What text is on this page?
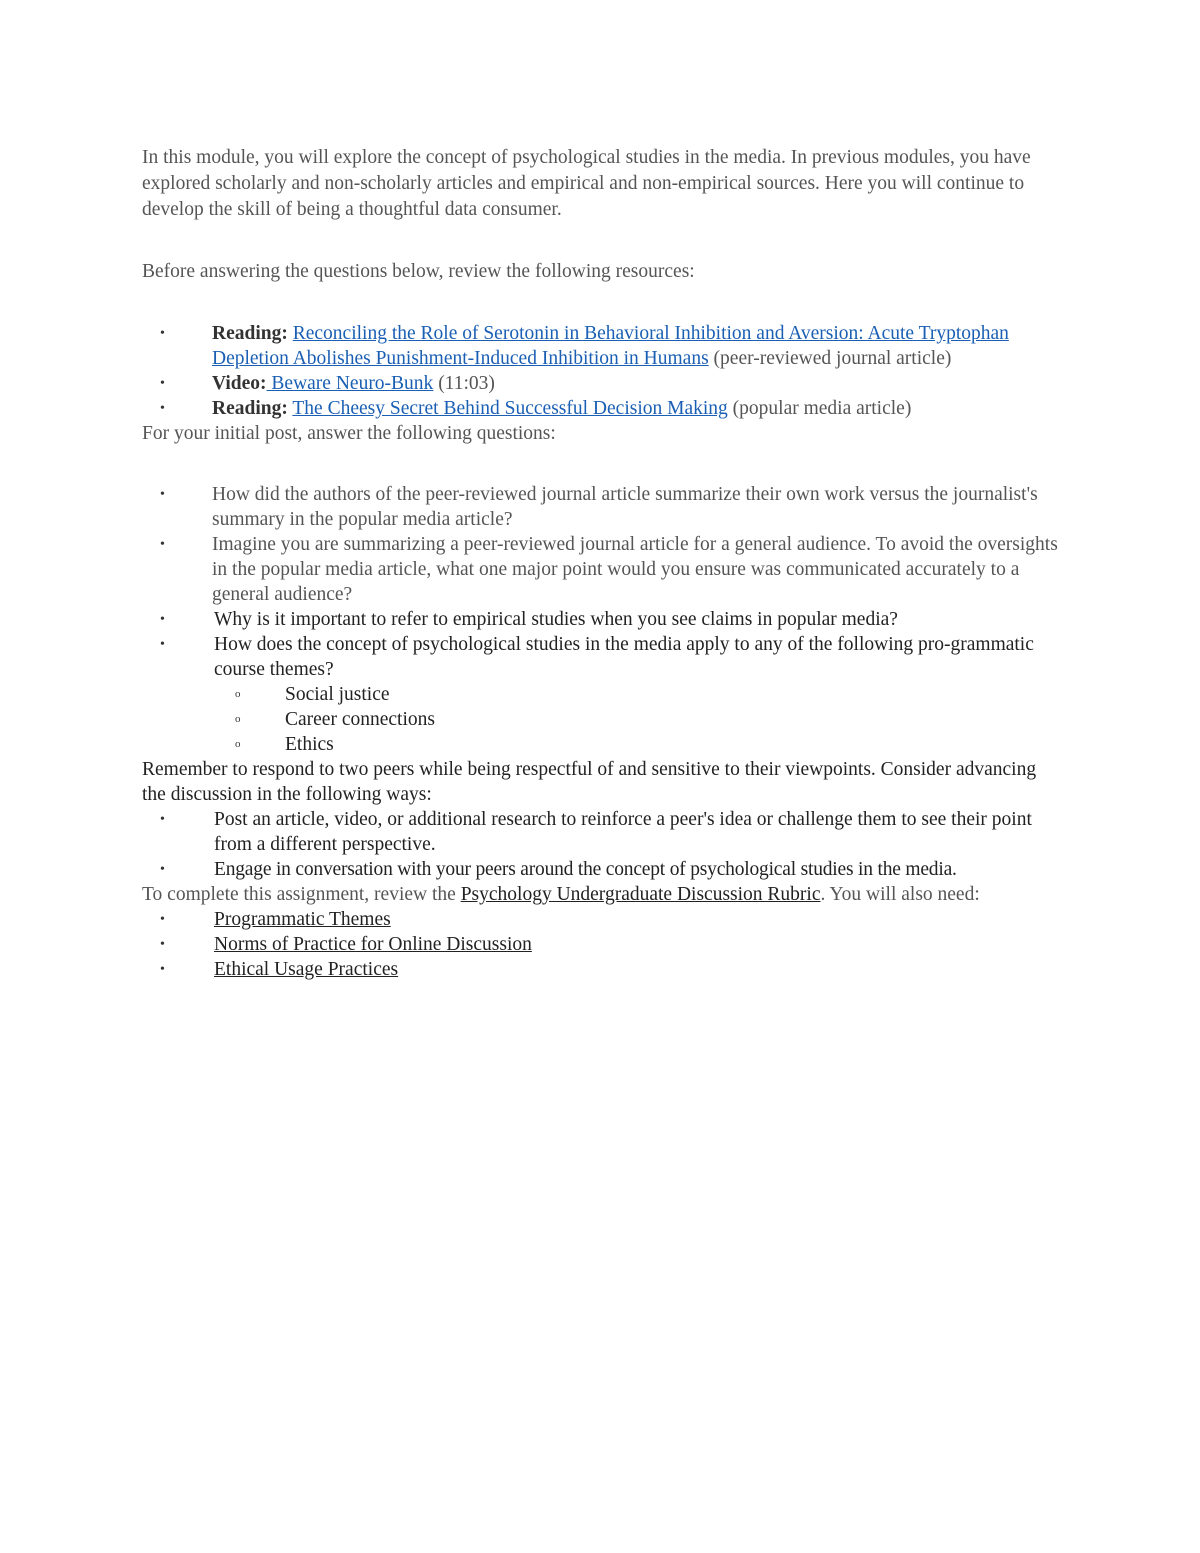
In this module, you will explore the concept of psychological studies in the media. In previous modules, you have explored scholarly and non-scholarly articles and empirical and non-empirical sources. Here you will continue to develop the skill of being a thoughtful data consumer.

Before answering the questions below, review the following resources:

• Reading: Reconciling the Role of Serotonin in Behavioral Inhibition and Aversion: Acute Tryptophan Depletion Abolishes Punishment-Induced Inhibition in Humans (peer-reviewed journal article)
• Video: Beware Neuro-Bunk (11:03)
• Reading: The Cheesy Secret Behind Successful Decision Making (popular media article)

For your initial post, answer the following questions:

• How did the authors of the peer-reviewed journal article summarize their own work versus the journalist's summary in the popular media article?
• Imagine you are summarizing a peer-reviewed journal article for a general audience. To avoid the oversights in the popular media article, what one major point would you ensure was communicated accurately to a general audience?
•	Why is it important to refer to empirical studies when you see claims in popular media?
•	How does the concept of psychological studies in the media apply to any of the following pro-grammatic course themes?
o Social justice
o Career connections
o Ethics

Remember to respond to two peers while being respectful of and sensitive to their viewpoints. Consider advancing the discussion in the following ways:

•	Post an article, video, or additional research to reinforce a peer's idea or challenge them to see their point from a different perspective.
•	Engage in conversation with your peers around the concept of psychological studies in the media.

To complete this assignment, review the Psychology Undergraduate Discussion Rubric. You will also need:

•	Programmatic Themes
•	Norms of Practice for Online Discussion
•	Ethical Usage Practices
